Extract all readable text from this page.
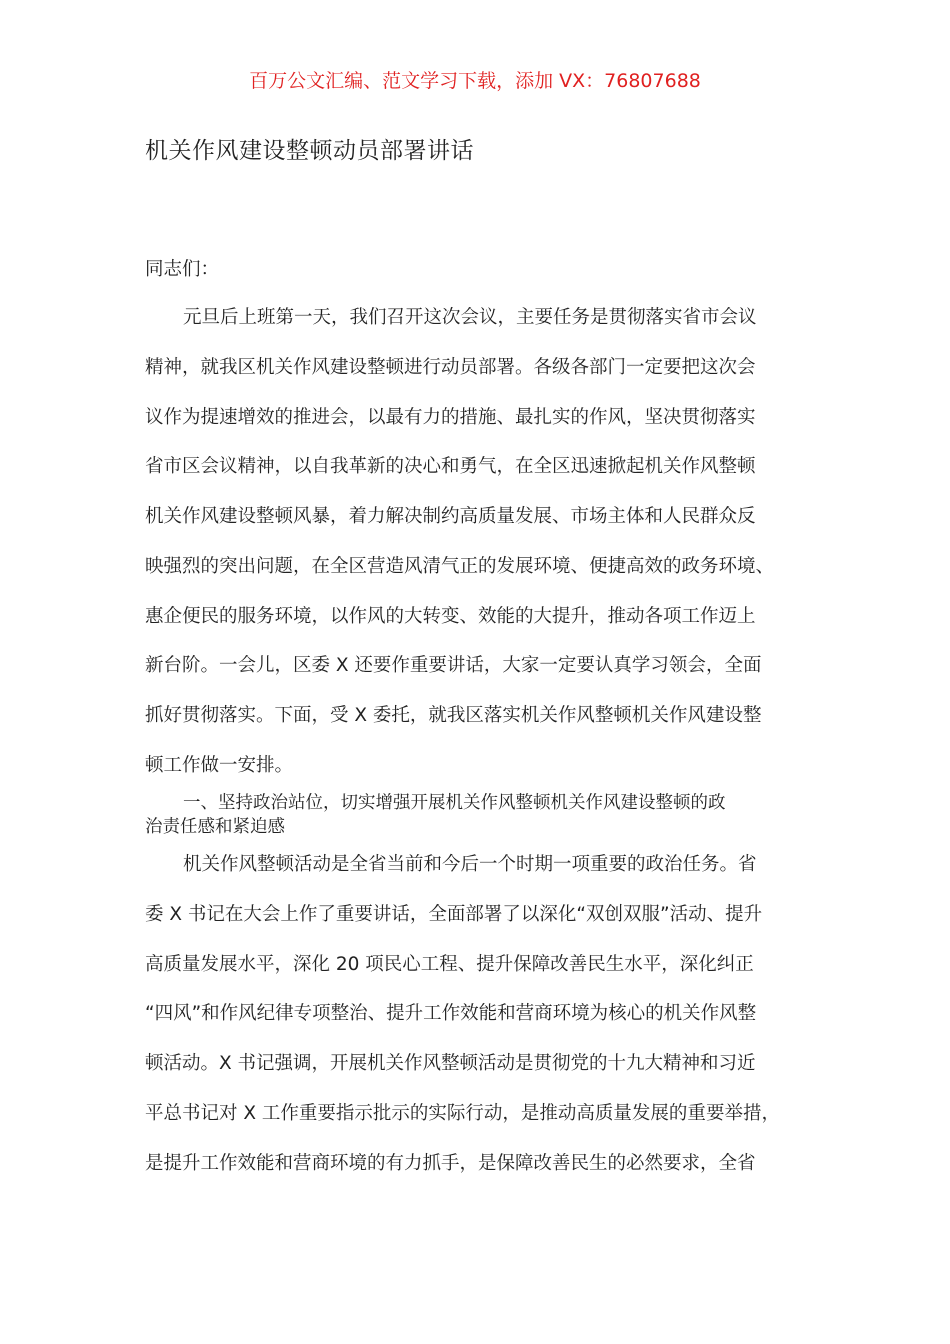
百万公文汇编、范文学习下载，添加 VX：76807688
机关作风建设整顿动员部署讲话
同志们：
元旦后上班第一天，我们召开这次会议，主要任务是贯彻落实省市会议
精神，就我区机关作风建设整顿进行动员部署。各级各部门一定要把这次会
议作为提速增效的推进会，以最有力的措施、最扎实的作风，坚决贯彻落实
省市区会议精神，以自我革新的决心和勇气，在全区迅速掀起机关作风整顿
机关作风建设整顿风暴，着力解决制约高质量发展、市场主体和人民群众反
映强烈的突出问题，在全区营造风清气正的发展环境、便捷高效的政务环境、
惠企便民的服务环境，以作风的大转变、效能的大提升，推动各项工作迈上
新台阶。一会儿，区委 X 还要作重要讲话，大家一定要认真学习领会，全面
抓好贯彻落实。下面，受 X 委托，就我区落实机关作风整顿机关作风建设整
顿工作做一安排。
一、坚持政治站位，切实增强开展机关作风整顿机关作风建设整顿的政
治责任感和紧迫感
机关作风整顿活动是全省当前和今后一个时期一项重要的政治任务。省
委 X 书记在大会上作了重要讲话，全面部署了以深化“双创双服”活动、提升
高质量发展水平，深化 20 项民心工程、提升保障改善民生水平，深化纠正
“四风”和作风纪律专项整治、提升工作效能和营商环境为核心的机关作风整
顿活动。X 书记强调，开展机关作风整顿活动是贯彻党的十九大精神和习近
平总书记对 X 工作重要指示批示的实际行动，是推动高质量发展的重要举措，
是提升工作效能和营商环境的有力抓手，是保障改善民生的必然要求，全省
